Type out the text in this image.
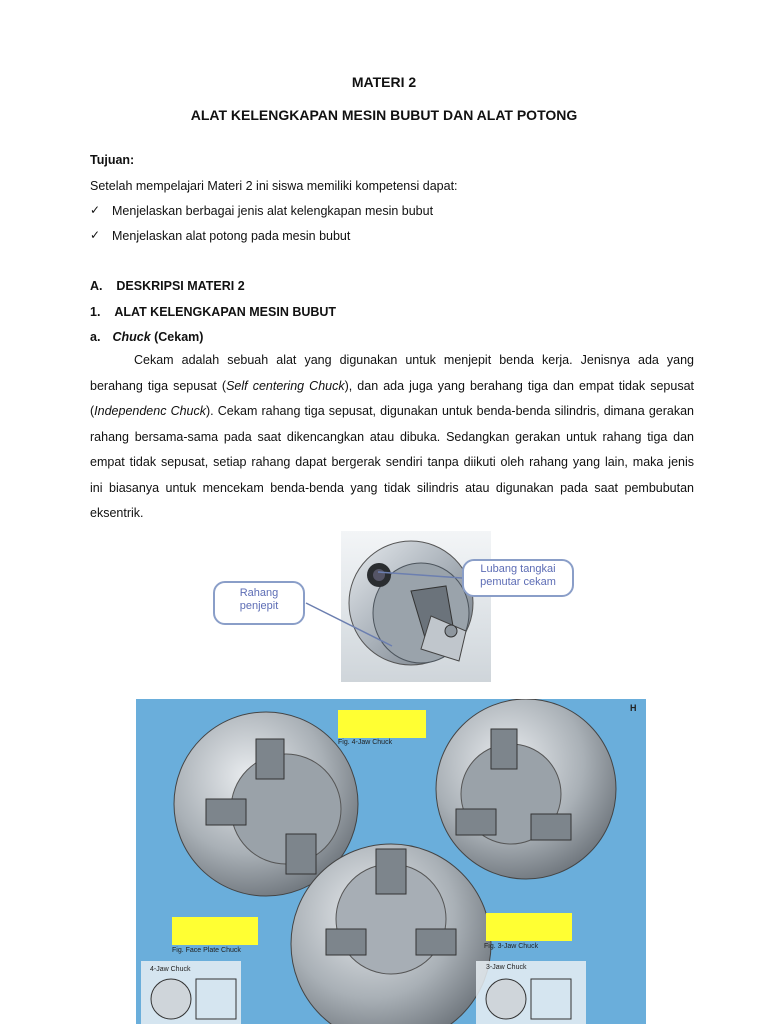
MATERI 2
ALAT KELENGKAPAN MESIN BUBUT DAN ALAT POTONG
Tujuan:
Setelah mempelajari Materi 2 ini siswa memiliki kompetensi dapat:
✓ Menjelaskan berbagai jenis alat kelengkapan mesin bubut
✓ Menjelaskan alat potong pada mesin bubut
A.    DESKRIPSI MATERI 2
1.    ALAT KELENGKAPAN MESIN BUBUT
a. Chuck (Cekam)
Cekam adalah sebuah alat yang digunakan untuk menjepit benda kerja. Jenisnya ada yang
berahang tiga sepusat (Self centering Chuck), dan ada juga yang berahang tiga dan empat tidak sepusat
(Independenc Chuck). Cekam rahang tiga sepusat, digunakan untuk benda-benda silindris, dimana gerakan
rahang bersama-sama pada saat dikencangkan atau dibuka. Sedangkan gerakan untuk rahang tiga dan
empat tidak sepusat, setiap rahang dapat bergerak sendiri tanpa diikuti oleh rahang yang lain, maka jenis
ini biasanya untuk mencekam benda-benda yang tidak silindris atau digunakan pada saat pembubutan
eksentrik.
Rahang
penjepit
Lubang tangkai
pemutar cekam
Fig. 4-Jaw Chuck
Fig. Face Plate Chuck
Fig. 3-Jaw Chuck
4-Jaw Chuck	3-Jaw Chuck
H
